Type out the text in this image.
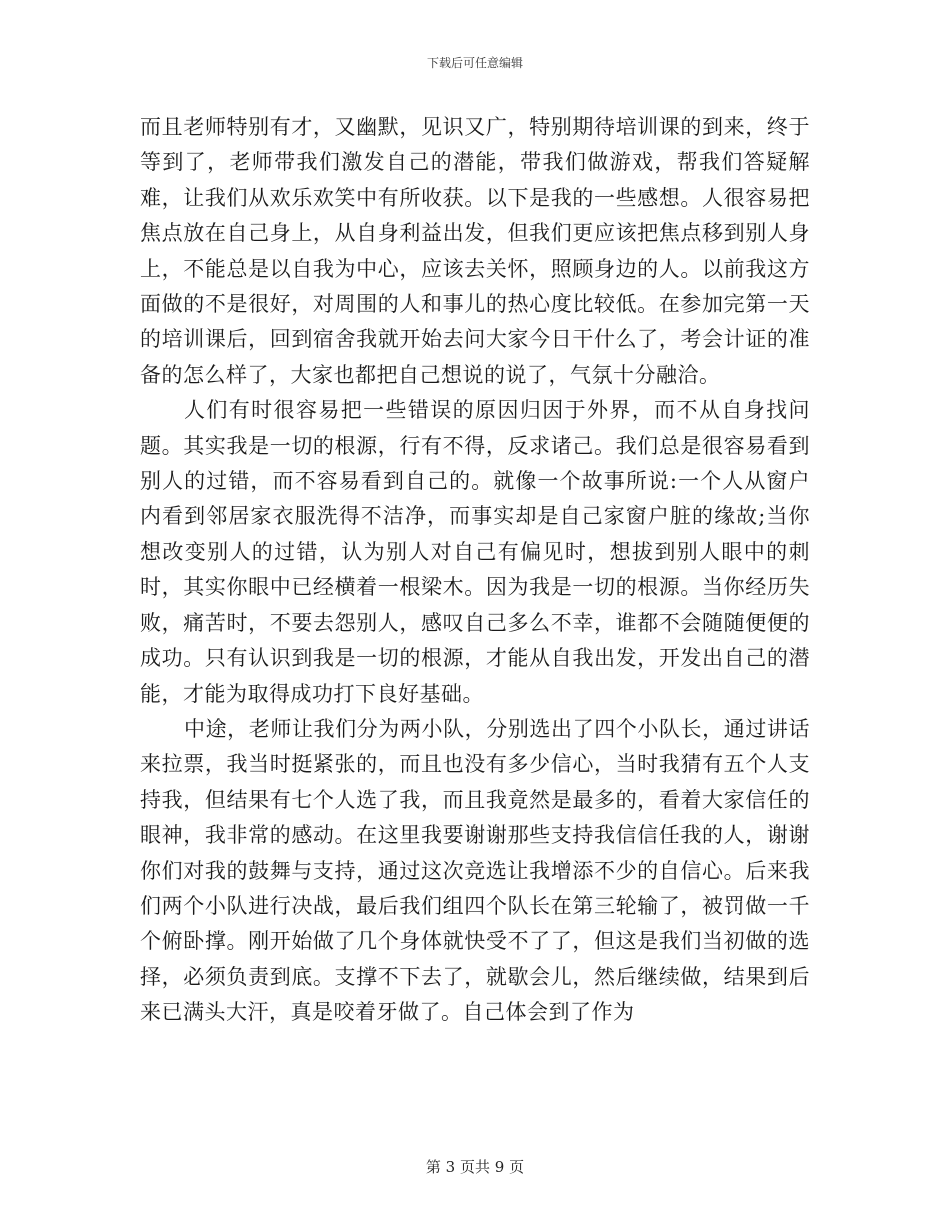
下载后可任意编辑

而且老师特别有才，又幽默，见识又广，特别期待培训课的到来，终于等到了，老师带我们激发自己的潜能，带我们做游戏，帮我们答疑解难，让我们从欢乐欢笑中有所收获。以下是我的一些感想。人很容易把焦点放在自己身上，从自身利益出发，但我们更应该把焦点移到别人身上，不能总是以自我为中心，应该去关怀，照顾身边的人。以前我这方面做的不是很好，对周围的人和事儿的热心度比较低。在参加完第一天的培训课后，回到宿舍我就开始去问大家今日干什么了，考会计证的准备的怎么样了，大家也都把自己想说的说了，气氛十分融洽。

人们有时很容易把一些错误的原因归因于外界，而不从自身找问题。其实我是一切的根源，行有不得，反求诸己。我们总是很容易看到别人的过错，而不容易看到自己的。就像一个故事所说:一个人从窗户内看到邻居家衣服洗得不洁净，而事实却是自己家窗户脏的缘故;当你想改变别人的过错，认为别人对自己有偏见时，想拔到别人眼中的刺时，其实你眼中已经横着一根梁木。因为我是一切的根源。当你经历失败，痛苦时，不要去怨别人，感叹自己多么不幸，谁都不会随随便便的成功。只有认识到我是一切的根源，才能从自我出发，开发出自己的潜能，才能为取得成功打下良好基础。

中途，老师让我们分为两小队，分别选出了四个小队长，通过讲话来拉票，我当时挺紧张的，而且也没有多少信心，当时我猜有五个人支持我，但结果有七个人选了我，而且我竟然是最多的，看着大家信任的眼神，我非常的感动。在这里我要谢谢那些支持我信信任我的人，谢谢你们对我的鼓舞与支持，通过这次竞选让我增添不少的自信心。后来我们两个小队进行决战，最后我们组四个队长在第三轮输了，被罚做一千个俯卧撑。刚开始做了几个身体就快受不了了，但这是我们当初做的选择，必须负责到底。支撑不下去了，就歇会儿，然后继续做，结果到后来已满头大汗，真是咬着牙做了。自己体会到了作为

第 3 页共 9 页
